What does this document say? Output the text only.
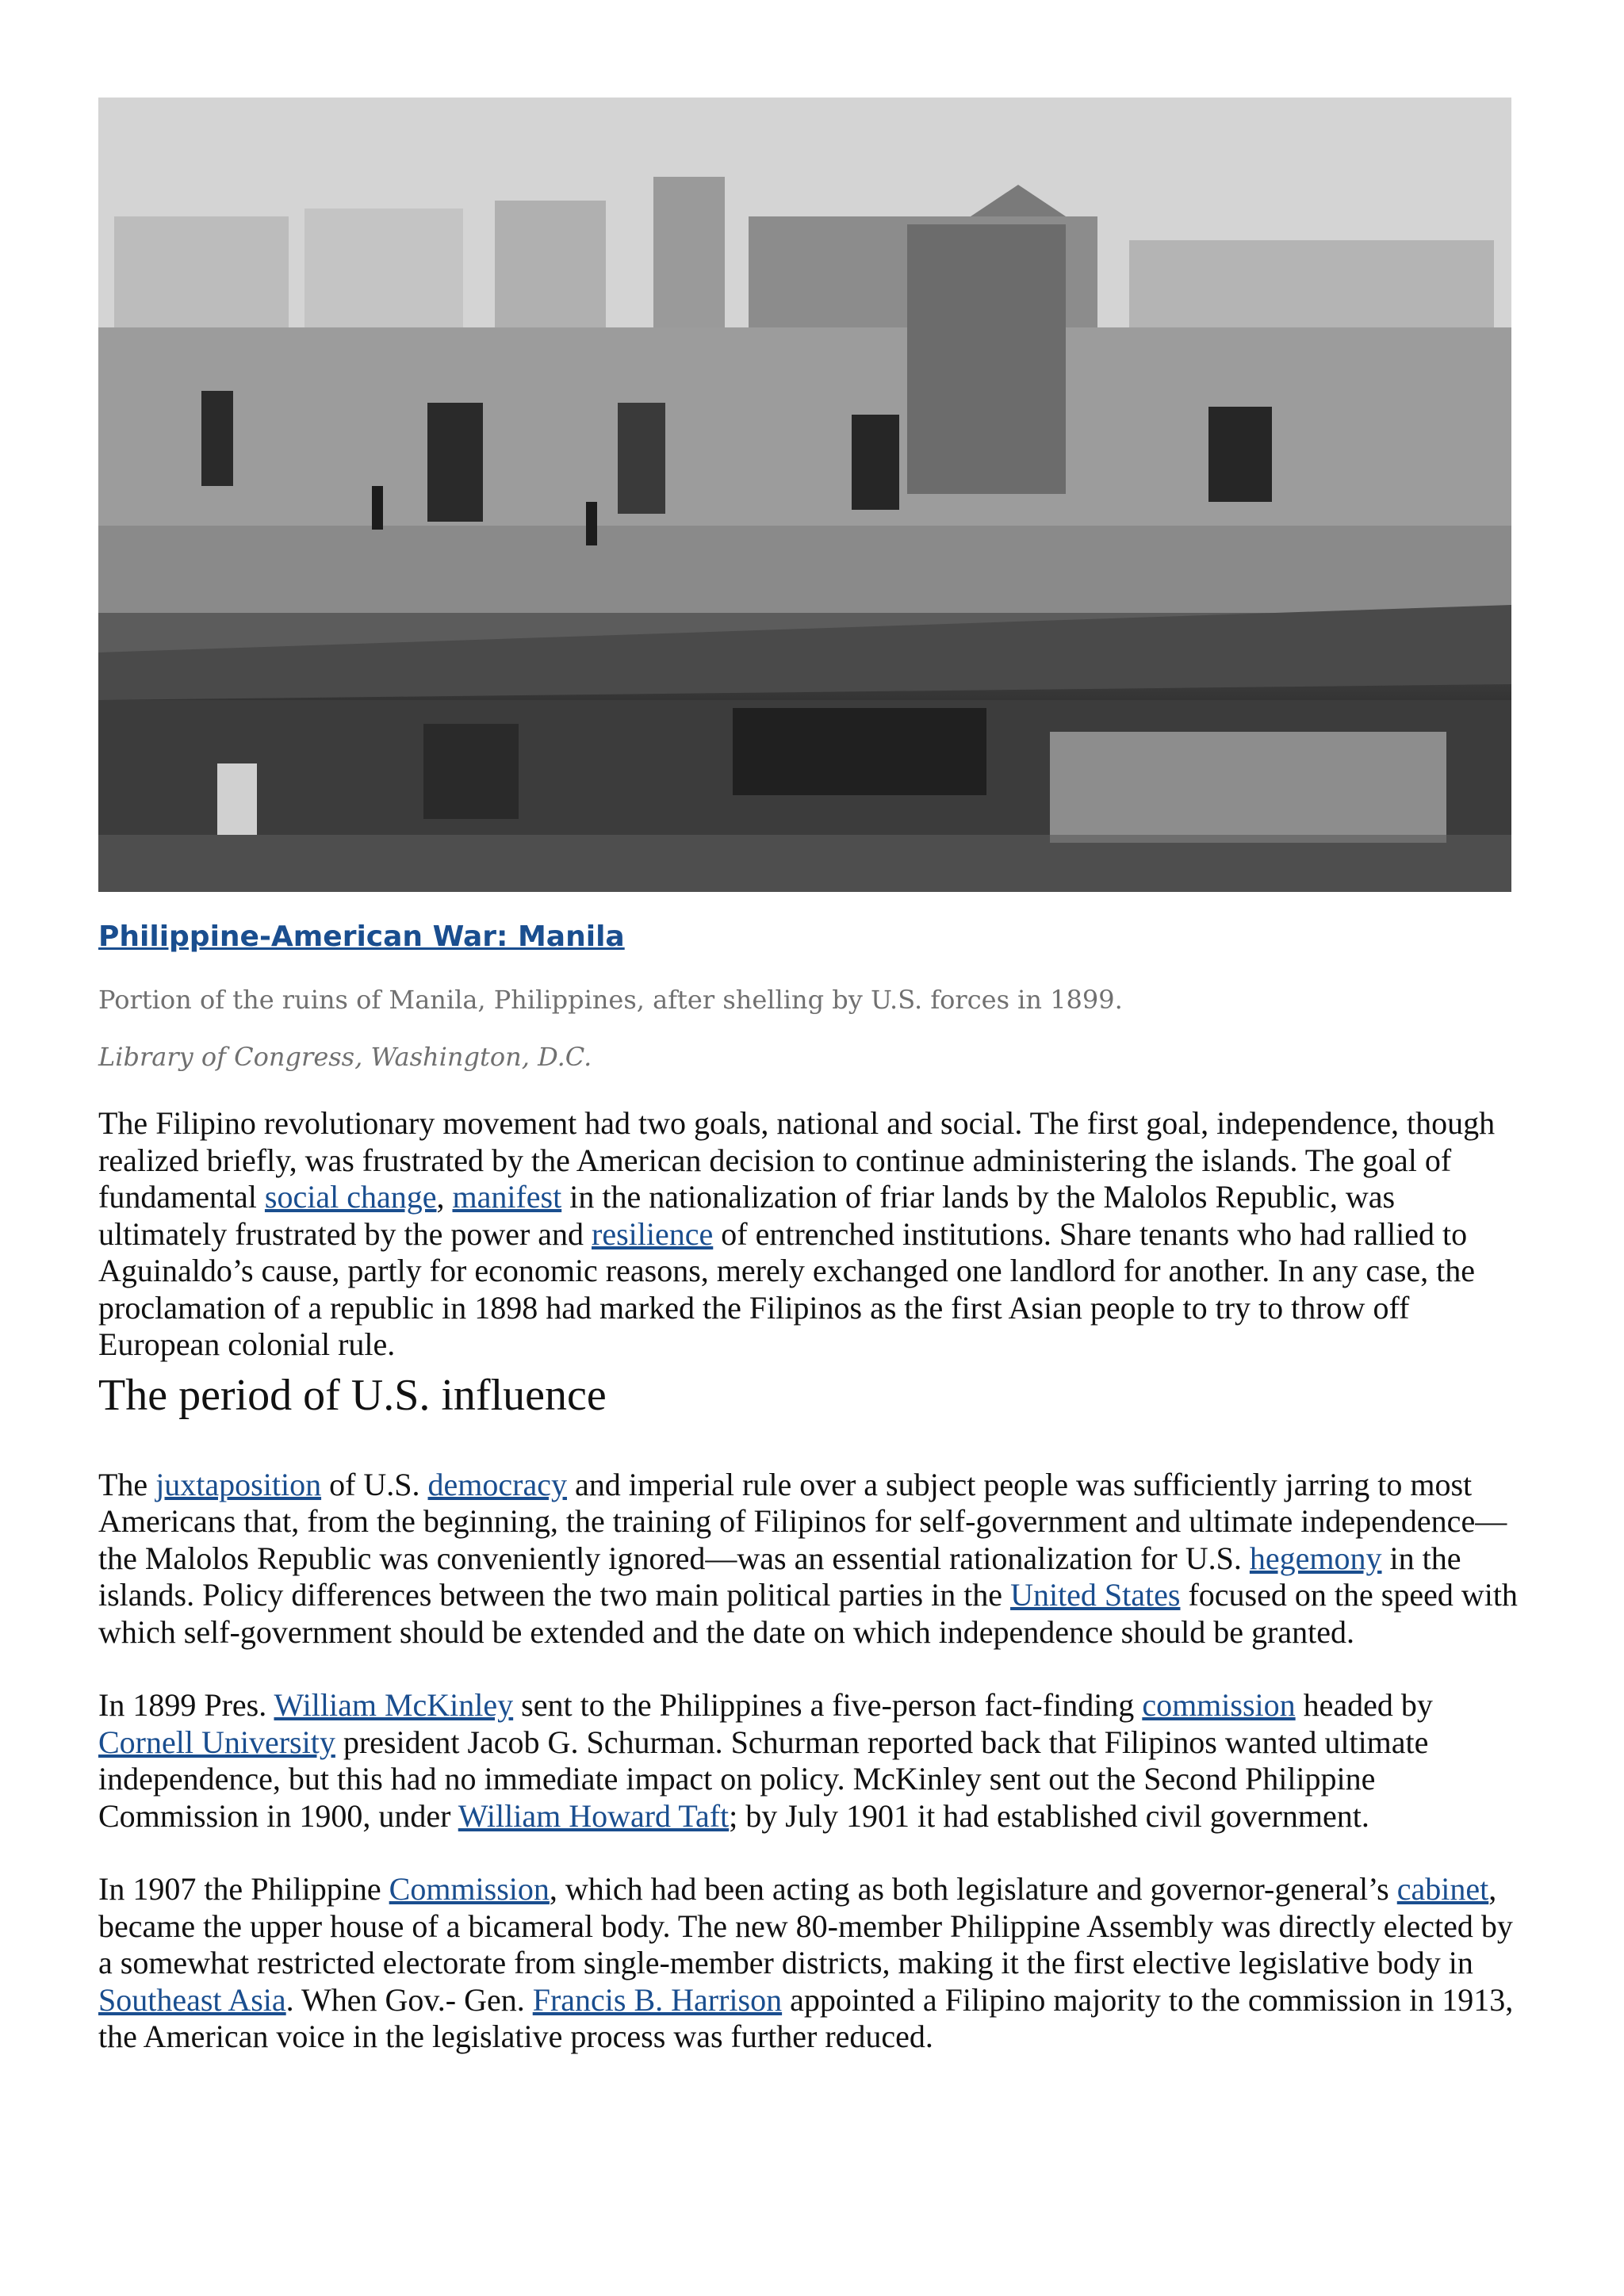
Philippine-American War: Manila
Portion of the ruins of Manila, Philippines, after shelling by U.S. forces in 1899.
Library of Congress, Washington, D.C.

The Filipino revolutionary movement had two goals, national and social. The first goal, independence, though realized briefly, was frustrated by the American decision to continue administering the islands. The goal of fundamental social change, manifest in the nationalization of friar lands by the Malolos Republic, was ultimately frustrated by the power and resilience of entrenched institutions. Share tenants who had rallied to Aguinaldo’s cause, partly for economic reasons, merely exchanged one landlord for another. In any case, the proclamation of a republic in 1898 had marked the Filipinos as the first Asian people to try to throw off European colonial rule.

The period of U.S. influence

The juxtaposition of U.S. democracy and imperial rule over a subject people was sufficiently jarring to most Americans that, from the beginning, the training of Filipinos for self-government and ultimate independence—the Malolos Republic was conveniently ignored—was an essential rationalization for U.S. hegemony in the islands. Policy differences between the two main political parties in the United States focused on the speed with which self-government should be extended and the date on which independence should be granted.

In 1899 Pres. William McKinley sent to the Philippines a five-person fact-finding commission headed by Cornell University president Jacob G. Schurman. Schurman reported back that Filipinos wanted ultimate independence, but this had no immediate impact on policy. McKinley sent out the Second Philippine Commission in 1900, under William Howard Taft; by July 1901 it had established civil government.

In 1907 the Philippine Commission, which had been acting as both legislature and governor-general’s cabinet, became the upper house of a bicameral body. The new 80-member Philippine Assembly was directly elected by a somewhat restricted electorate from single-member districts, making it the first elective legislative body in Southeast Asia. When Gov.- Gen. Francis B. Harrison appointed a Filipino majority to the commission in 1913, the American voice in the legislative process was further reduced.
